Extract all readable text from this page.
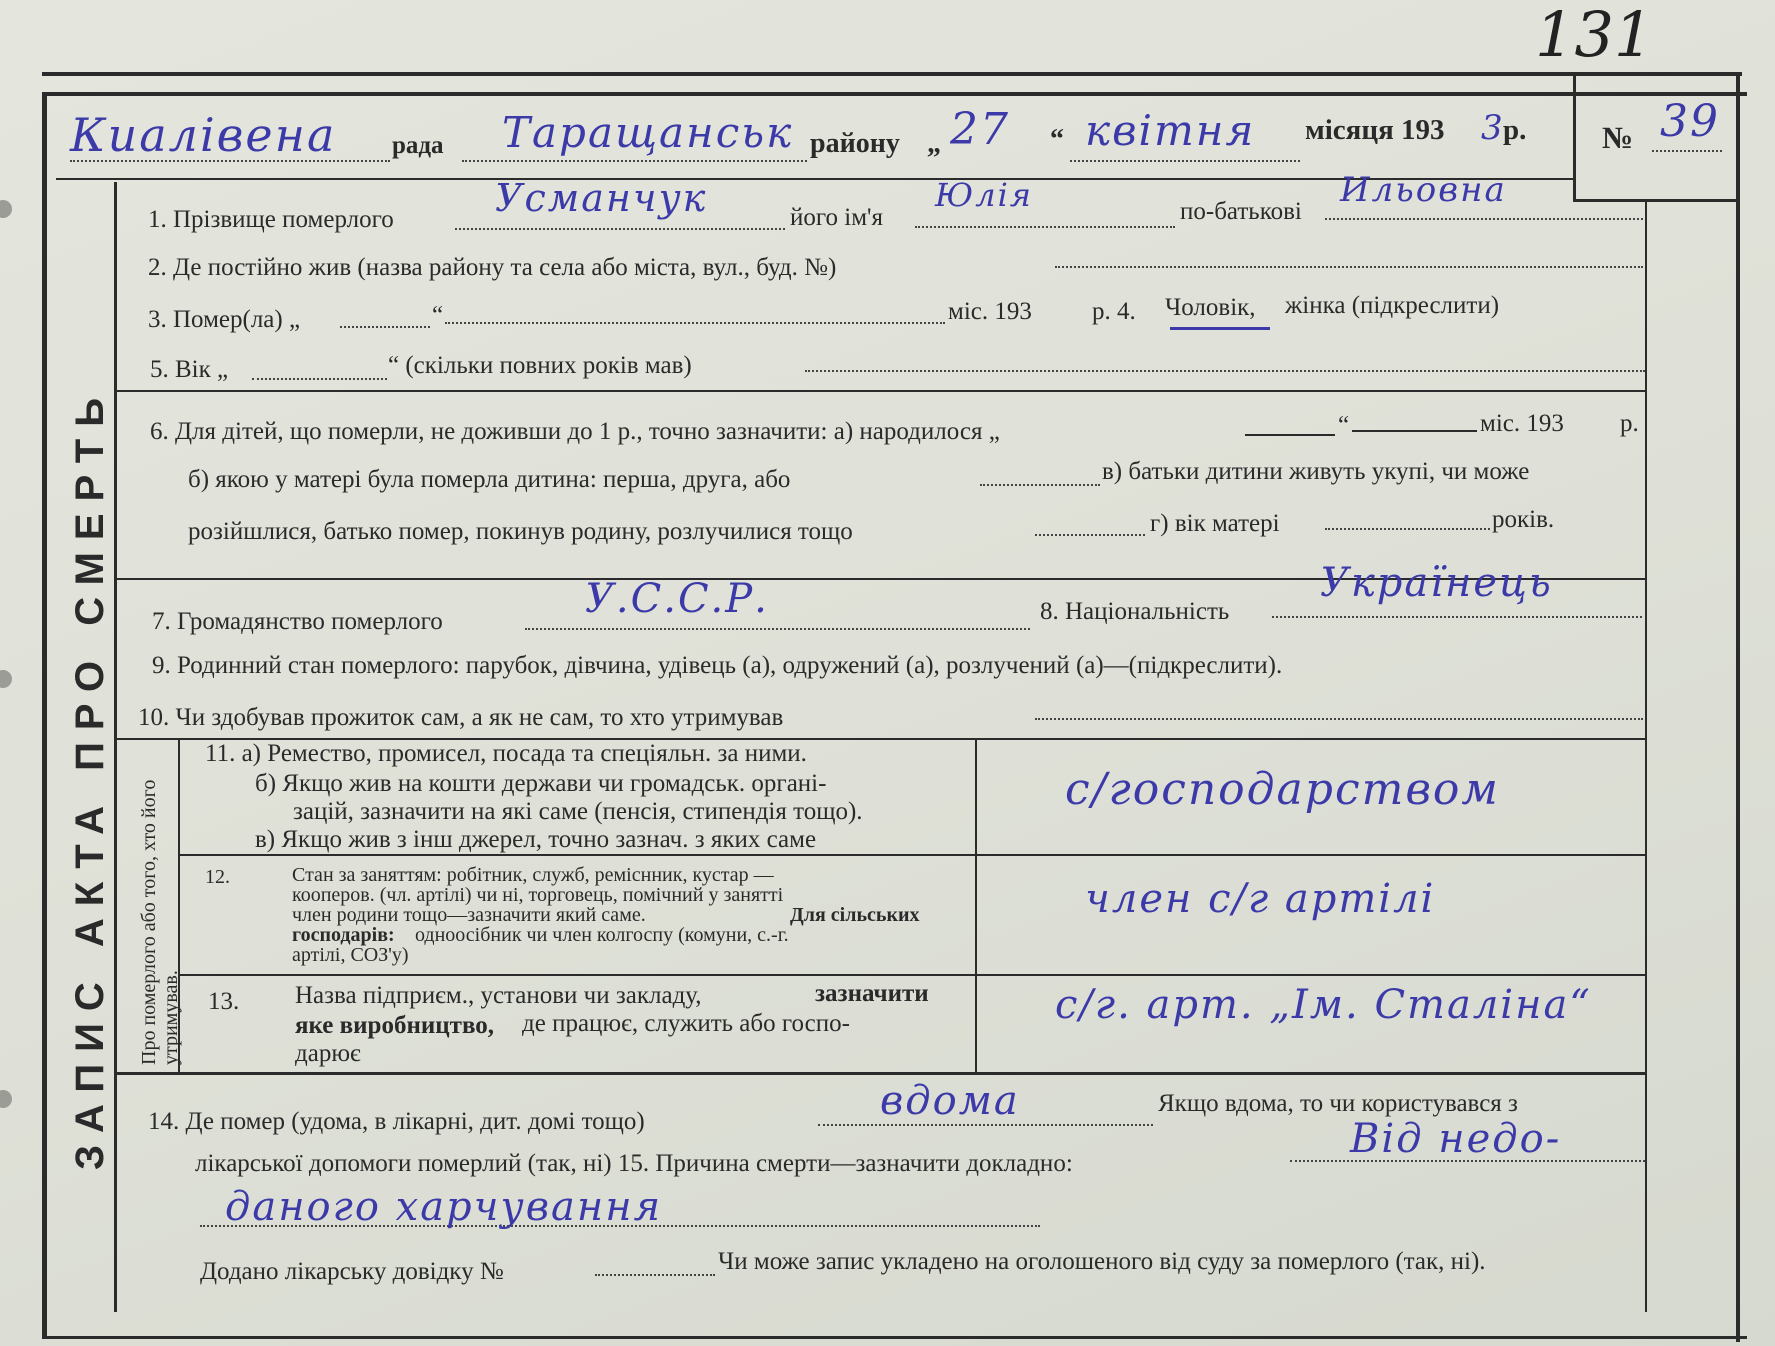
131
ЗАПИС АКТА ПРО СМЕРТЬ Про померлого або того, хто його утримував.
Киалівена рада Таращанськ району „ 27 “ квітня місяця 193 3
р. № 39
1. Прізвище померлого	Усманчук	його ім'я
Юлія	по-батькові
Ильовна
2. Де постійно жив (назва району та села або міста, вул., буд. №)
3. Помер(ла) „	“	міс. 193 р. 4. Чоловік, жінка (підкреслити)
5. Вік „	“ (скільки повних років мав)
6. Для дітей, що померли, не доживши до 1 р., точно зазначити: а) народилося „	“	міс. 193 р.
б) якою у матері була померла дитина: перша, друга, або	в) батьки дитини живуть укупі, чи може
розійшлися, батько помер, покинув родину, розлучилися тощо	г) вік матері	років.
7. Громадянство померлого	У.С.С.Р.	8. Національність
Українець
9. Родинний стан померлого: парубок, дівчина, удівець (а), одружений (а), розлучений (а)—(підкреслити).
10. Чи здобував прожиток сам, а як не сам, то хто утримував
11. а) Ремество, промисел, посада та спеціяльн. за ними.
б) Якщо жив на кошти держави чи громадськ. органі-
зацій, зазначити на які саме (пенсія, стипендія тощо).
в) Якщо жив з інш джерел, точно зазнач. з яких саме
с/господарством
12.	Стан за заняттям: робітник, служб, реміснник, кустар —
кооперов. (чл. артілі) чи ні, торговець, помічний у занятті
член родини тощо—зазначити який саме.	Для сільських
господарів: одноосібник чи член колгоспу (комуни, с.-г.
артілі, СОЗ'у)
член с/г артілі
13. Назва підприєм., установи чи закладу,	зазначити
яке виробництво, де працює, служить або госпо-
дарює
с/г. арт. „Ім. Сталіна“
14. Де помер (удома, в лікарні, дит. домі тощо)	вдома	Якщо вдома, то чи користувався з
лікарської допомоги померлий (так, ні) 15. Причина смерти—зазначити докладно:
Від недо-
даного харчування
Додано лікарську довідку №	Чи може запис укладено на оголошеного від суду за померлого (так, ні).
